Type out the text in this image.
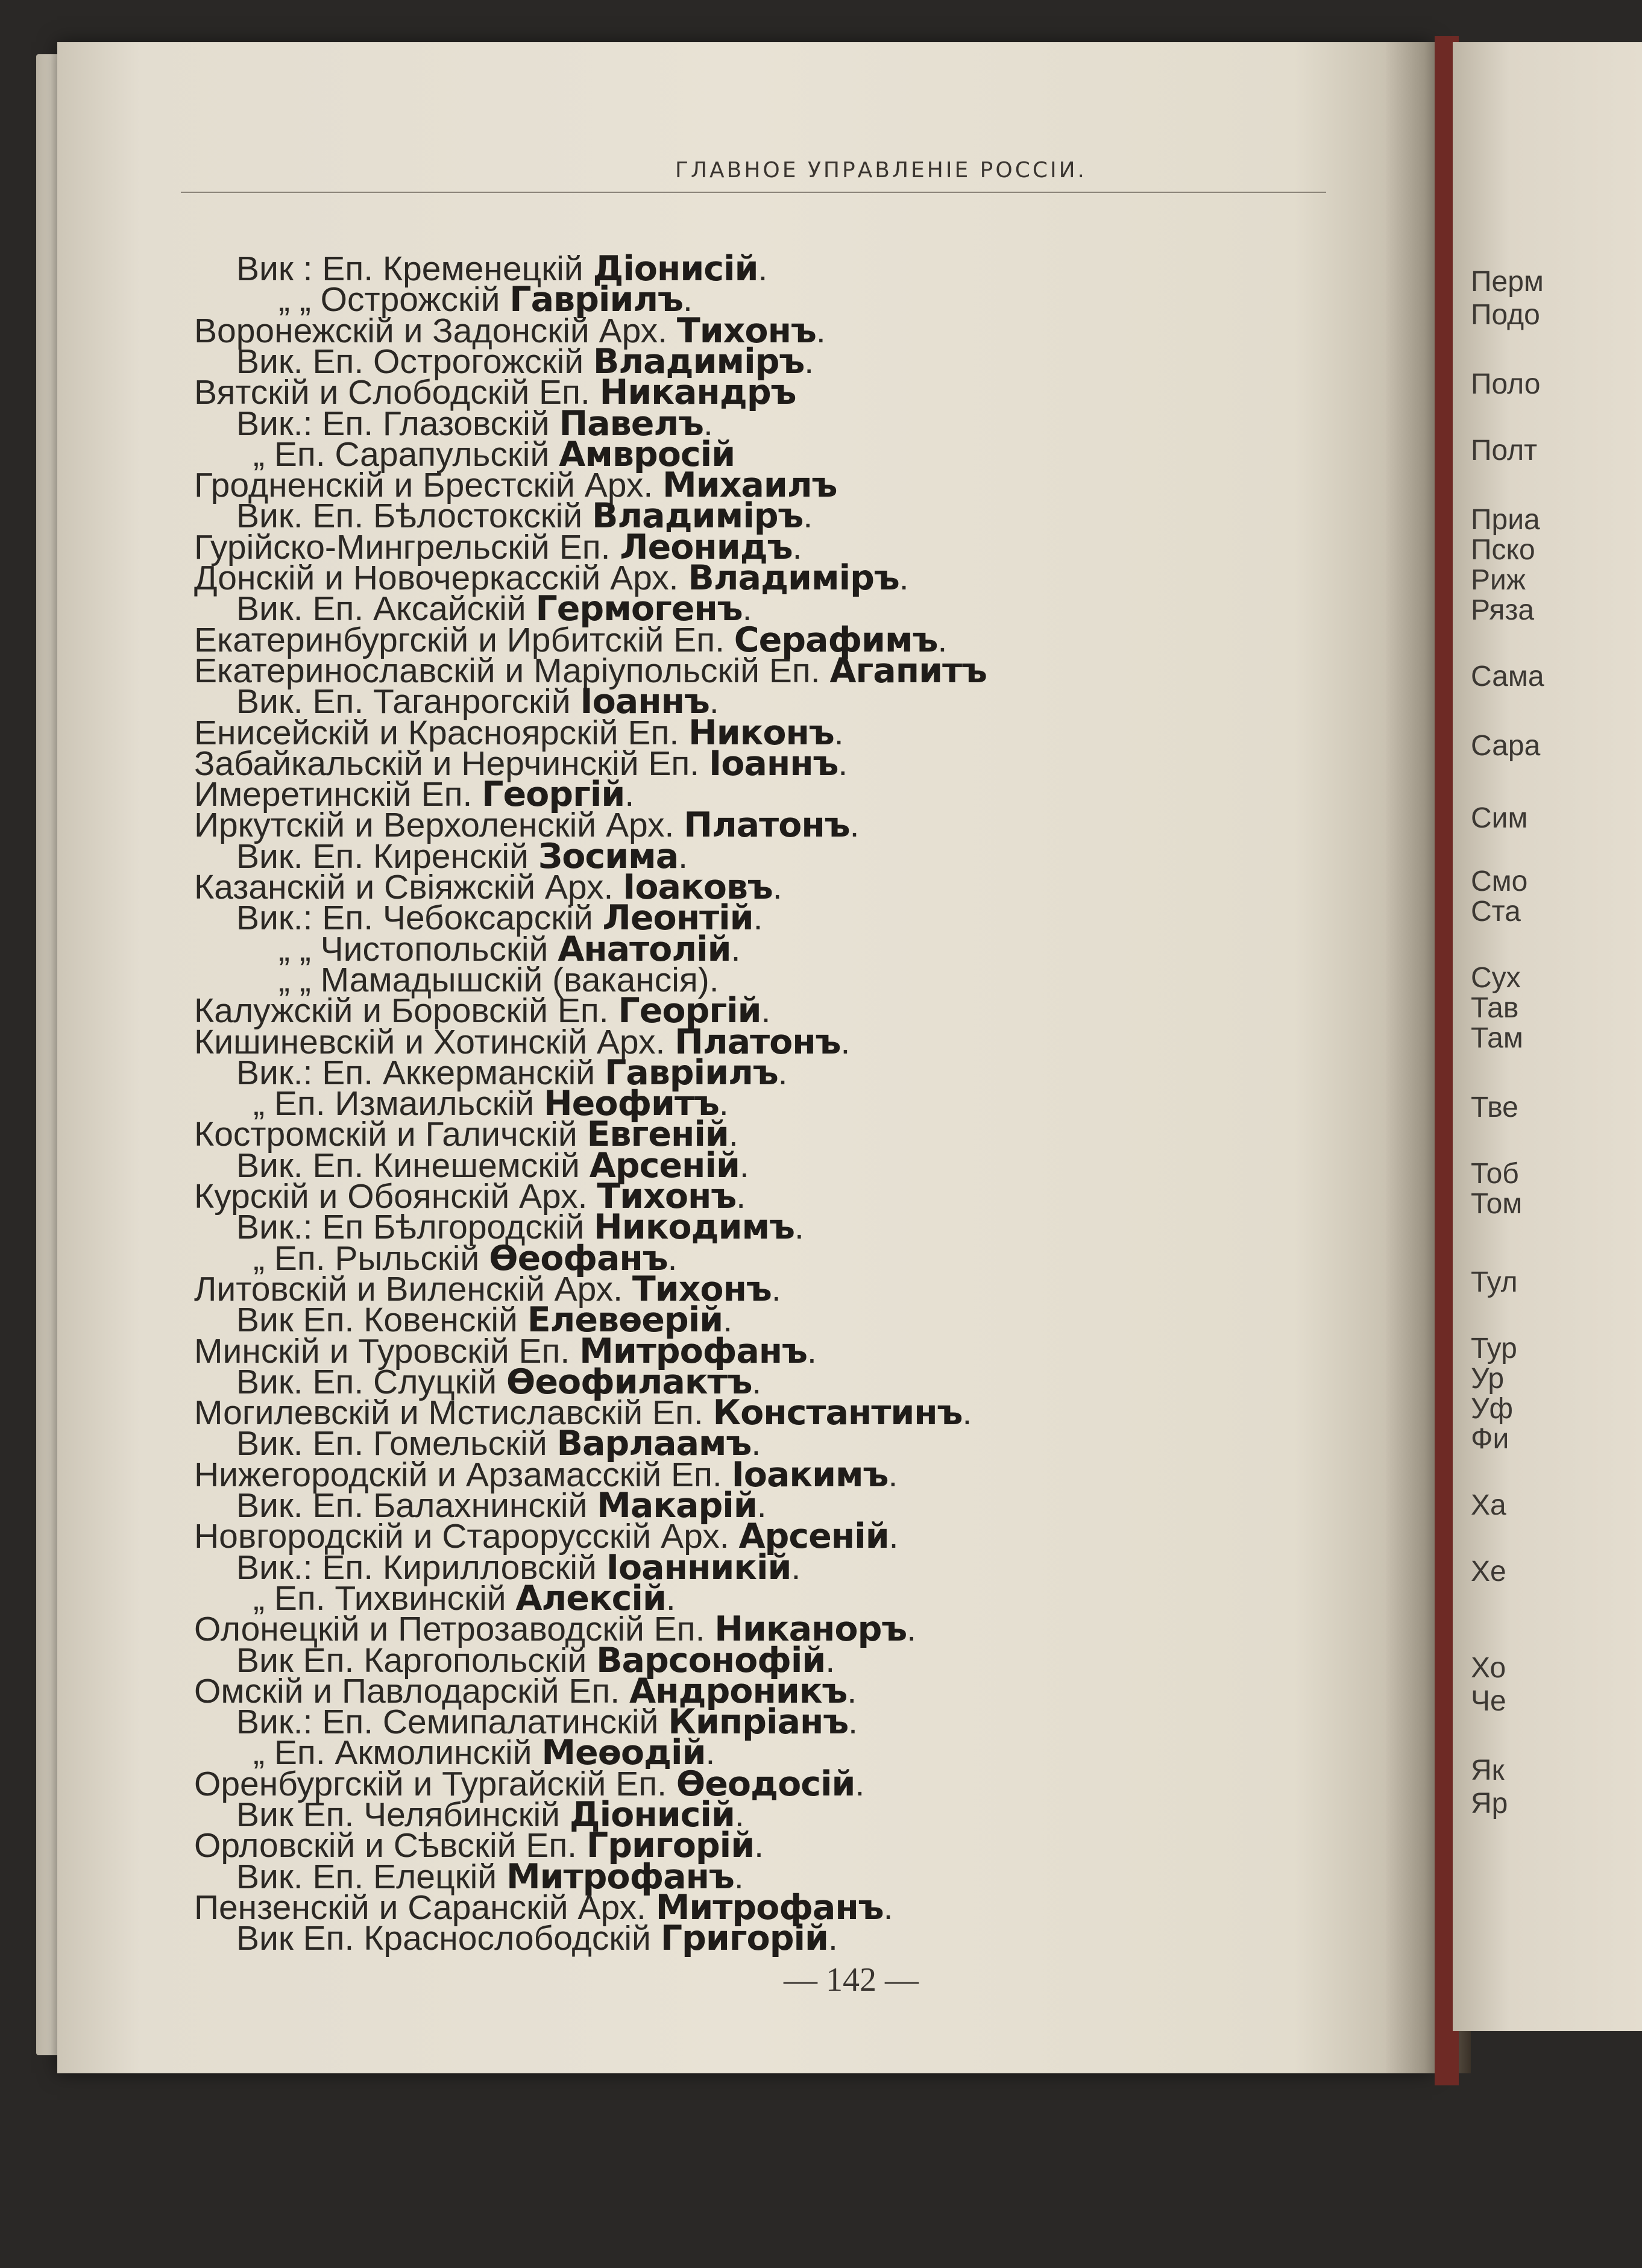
ГЛАВНОЕ УПРАВЛЕНІЕ РОССІИ.
Вик : Еп. Кременецкій Діонисій.
„ „ Острожскій Гавріилъ.
Воронежскій и Задонскій Арх. Тихонъ.
Вик. Еп. Острогожскій Владиміръ.
Вятскій и Слободскій Еп. Никандръ
Вик.: Еп. Глазовскій Павелъ.
„ Еп. Сарапульскій Амвросій
Гродненскій и Брестскій Арх. Михаилъ
Вик. Еп. Бѣлостокскій Владиміръ.
Гурійско-Мингрельскій Еп. Леонидъ.
Донскій и Новочеркасскій Арх. Владиміръ.
Вик. Еп. Аксайскій Гермогенъ.
Екатеринбургскій и Ирбитскій Еп. Серафимъ.
Екатеринославскій и Маріупольскій Еп. Агапитъ
Вик. Еп. Таганрогскій Іоаннъ.
Енисейскій и Красноярскій Еп. Никонъ.
Забайкальскій и Нерчинскій Еп. Іоаннъ.
Имеретинскій Еп. Георгій.
Иркутскій и Верхоленскій Арх. Платонъ.
Вик. Еп. Киренскій Зосима.
Казанскій и Свіяжскій Арх. Іоаковъ.
Вик.: Еп. Чебоксарскій Леонтій.
„ „ Чистопольскій Анатолій.
„ „ Мамадышскій (вакансія).
Калужскій и Боровскій Еп. Георгій.
Кишиневскій и Хотинскій Арх. Платонъ.
Вик.: Еп. Аккерманскій Гавріилъ.
„ Еп. Измаильскій Неофитъ.
Костромскій и Галичскій Евгеній.
Вик. Еп. Кинешемскій Арсеній.
Курскій и Обоянскій Арх. Тихонъ.
Вик.: Еп Бѣлгородскій Никодимъ.
„ Еп. Рыльскій Ѳеофанъ.
Литовскій и Виленскій Арх. Тихонъ.
Вик Еп. Ковенскій Елевѳерій.
Минскій и Туровскій Еп. Митрофанъ.
Вик. Еп. Слуцкій Ѳеофилактъ.
Могилевскій и Мстиславскій Еп. Константинъ.
Вик. Еп. Гомельскій Варлаамъ.
Нижегородскій и Арзамасскій Еп. Іоакимъ.
Вик. Еп. Балахнинскій Макарій.
Новгородскій и Старорусскій Арх. Арсеній.
Вик.: Еп. Кирилловскій Іоанникій.
„ Еп. Тихвинскій Алексій.
Олонецкій и Петрозаводскій Еп. Никаноръ.
Вик Еп. Каргопольскій Варсонофій.
Омскій и Павлодарскій Еп. Андроникъ.
Вик.: Еп. Семипалатинскій Кипріанъ.
„ Еп. Акмолинскій Меѳодій.
Оренбургскій и Тургайскій Еп. Ѳеодосій.
Вик Еп. Челябинскій Діонисій.
Орловскій и Сѣвскій Еп. Григорій.
Вик. Еп. Елецкій Митрофанъ.
Пензенскій и Саранскій Арх. Митрофанъ.
Вик Еп. Краснослободскій Григорій.
Перм
Подо
Поло
Полт
Приа
Пско
Риж
Ряза
Сама
Сара
Сим
Смо
Ста
Сух
Тав
Там
Тве
Тоб
Том
Тул
Тур
Ур
Уф
Фи
Ха
Хе
Хо
Че
Як
Яр
— 142 —
